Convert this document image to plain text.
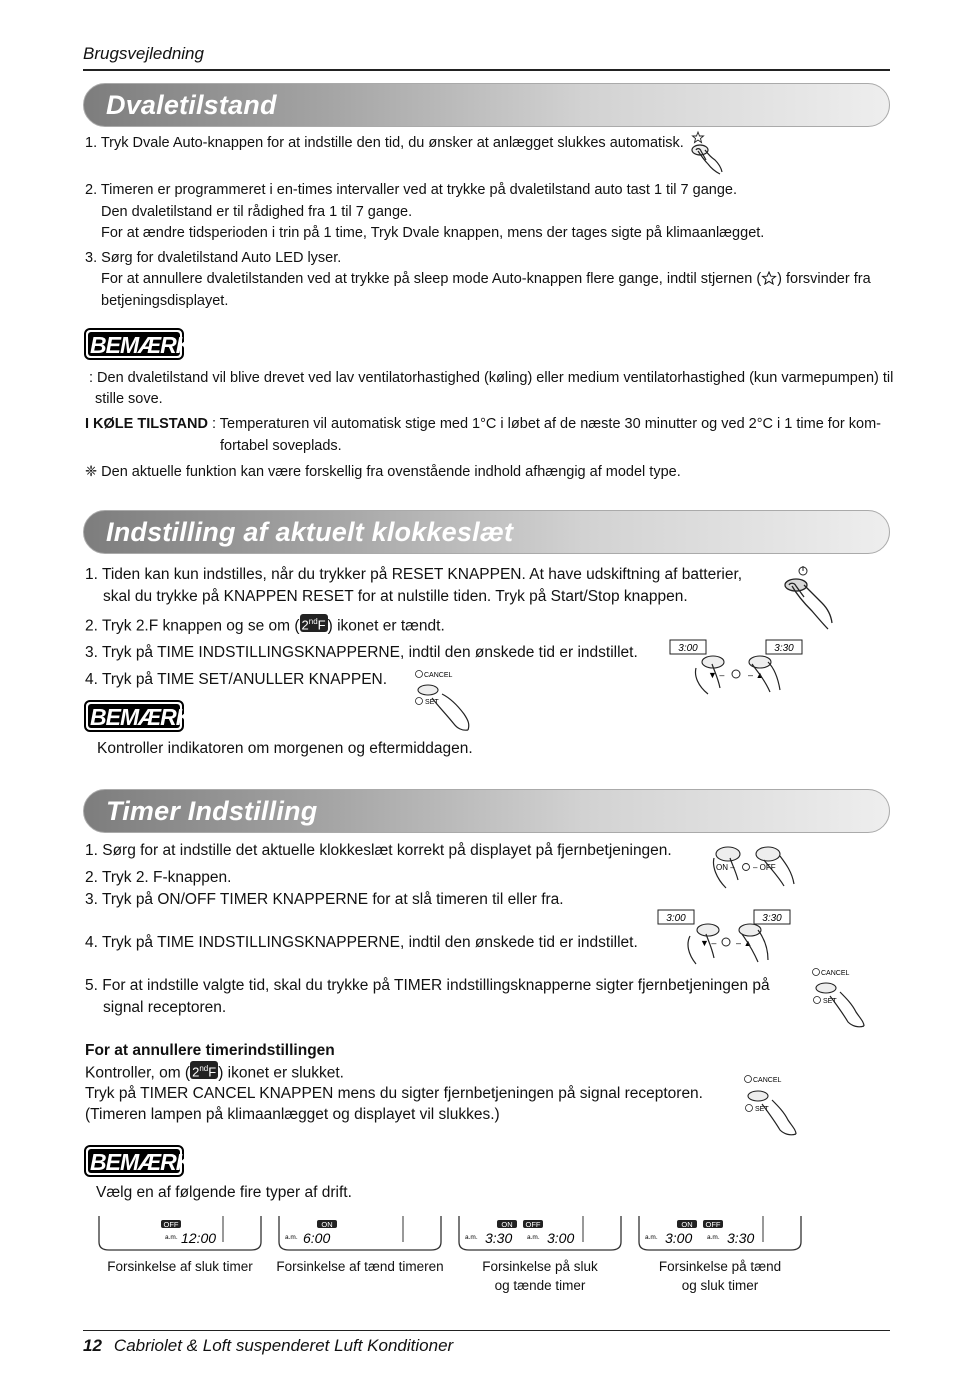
Brugsvejledning
Dvaletilstand
1. Tryk Dvale Auto-knappen for at indstille den tid, du ønsker at anlægget slukkes automatisk.
2. Timeren er programmeret i en-times intervaller ved at trykke på dvaletilstand auto tast 1 til 7 gange.
Den dvaletilstand er til rådighed fra 1 til 7 gange.
For at ændre tidsperioden i trin på 1 time, Tryk Dvale knappen, mens der tages sigte på klimaanlægget.
3. Sørg for dvaletilstand Auto LED lyser.
For at annullere dvaletilstanden ved at trykke på sleep mode Auto-knappen flere gange, indtil stjernen ( ) forsvinder fra
betjeningsdisplayet.
BEMÆRK
: Den dvaletilstand vil blive drevet ved lav ventilatorhastighed (køling) eller medium ventilatorhastighed (kun varmepumpen) til
stille sove.
I KØLE TILSTAND : Temperaturen vil automatisk stige med 1°C i løbet af de næste 30 minutter og ved 2°C i 1 time for kom-
fortabel soveplads.
❈ Den aktuelle funktion kan være forskellig fra ovenstående indhold afhængig af model type.
Indstilling af aktuelt klokkeslæt
1. Tiden kan kun indstilles, når du trykker på RESET KNAPPEN. At have udskiftning af batterier,
skal du trykke på KNAPPEN RESET for at nulstille tiden. Tryk på Start/Stop knappen.
2. Tryk 2.F knappen og se om ( 2ndF ) ikonet er tændt.
3. Tryk på TIME INDSTILLINGSKNAPPERNE, indtil den ønskede tid er indstillet.
4. Tryk på TIME SET/ANULLER KNAPPEN.
3:00	3:30
▼ –	– ▲
CANCEL
SET
BEMÆRK
Kontroller indikatoren om morgenen og eftermiddagen.
Timer Indstilling
1. Sørg for at indstille det aktuelle klokkeslæt korrekt på displayet på fjernbetjeningen.
ON – – OFF
2. Tryk 2. F-knappen.
3. Tryk på ON/OFF TIMER KNAPPERNE for at slå timeren til eller fra.
4. Tryk på TIME INDSTILLINGSKNAPPERNE, indtil den ønskede tid er indstillet.
3:00	3:30
▼ – – ▲
5. For at indstille valgte tid, skal du trykke på TIMER indstillingsknapperne sigter fjernbetjeningen på
signal receptoren.
CANCEL
SET
For at annullere timerindstillingen
Kontroller, om ( 2ndF ) ikonet er slukket.
Tryk på TIMER CANCEL KNAPPEN mens du sigter fjernbetjeningen på signal receptoren.
(Timeren lampen på klimaanlægget og displayet vil slukkes.)
CANCEL
SET
BEMÆRK
Vælg en af følgende fire typer af drift.
OFF
a.m. 12:00
Forsinkelse af sluk timer
ON
a.m. 6:00
Forsinkelse af tænd timeren
ON OFF
a.m. 3:30 a.m. 3:00
Forsinkelse på sluk
og tænde timer
ON OFF
a.m. 3:00 a.m. 3:30
Forsinkelse på tænd
og sluk timer
12 Cabriolet & Loft suspenderet Luft Konditioner
